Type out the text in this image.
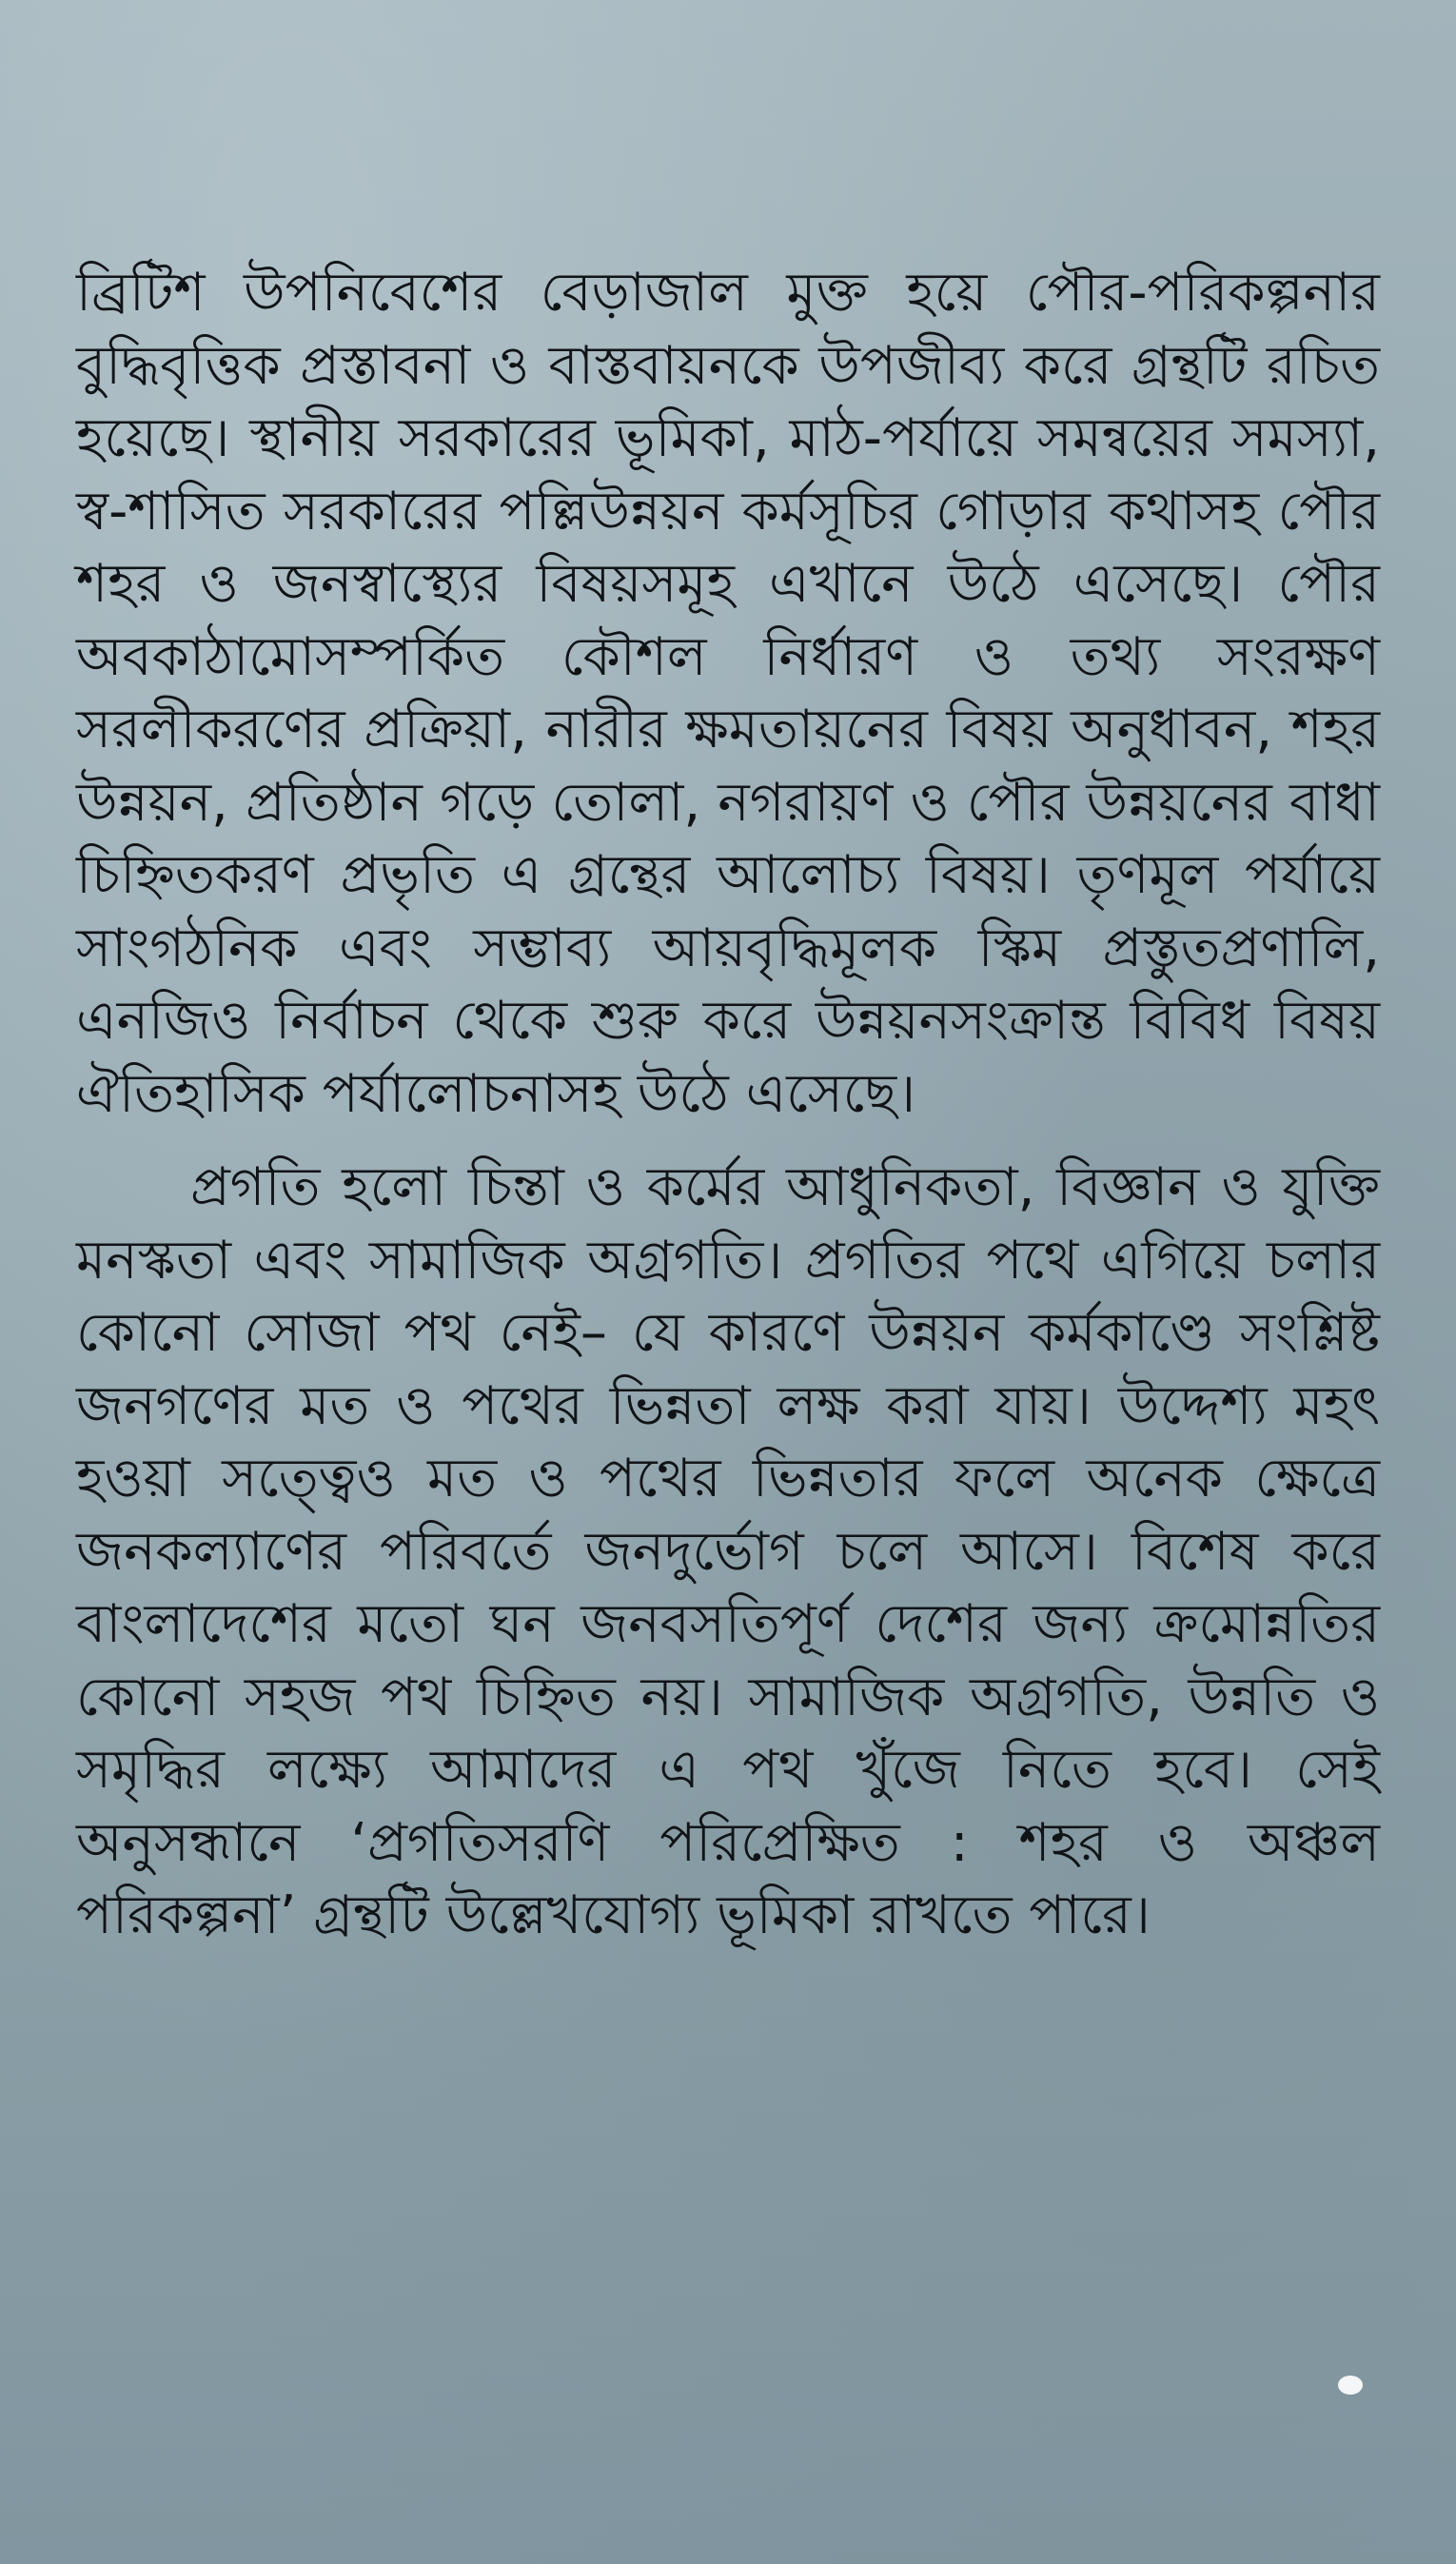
ব্রিটিশ উপনিবেশের বেড়াজাল মুক্ত হয়ে পৌর-পরিকল্পনার বুদ্ধিবৃত্তিক প্রস্তাবনা ও বাস্তবায়নকে উপজীব্য করে গ্রন্থটি রচিত হয়েছে। স্থানীয় সরকারের ভূমিকা, মাঠ-পর্যায়ে সমন্বয়ের সমস্যা, স্ব-শাসিত সরকারের পল্লিউন্নয়ন কর্মসূচির গোড়ার কথাসহ পৌর শহর ও জনস্বাস্থ্যের বিষয়সমূহ এখানে উঠে এসেছে। পৌর অবকাঠামোসম্পর্কিত কৌশল নির্ধারণ ও তথ্য সংরক্ষণ সরলীকরণের প্রক্রিয়া, নারীর ক্ষমতায়নের বিষয় অনুধাবন, শহর উন্নয়ন, প্রতিষ্ঠান গড়ে তোলা, নগরায়ণ ও পৌর উন্নয়নের বাধা চিহ্নিতকরণ প্রভৃতি এ গ্রন্থের আলোচ্য বিষয়। তৃণমূল পর্যায়ে সাংগঠনিক এবং সম্ভাব্য আয়বৃদ্ধিমূলক স্কিম প্রস্তুতপ্রণালি, এনজিও নির্বাচন থেকে শুরু করে উন্নয়নসংক্রান্ত বিবিধ বিষয় ঐতিহাসিক পর্যালোচনাসহ উঠে এসেছে।

প্রগতি হলো চিন্তা ও কর্মের আধুনিকতা, বিজ্ঞান ও যুক্তি মনস্কতা এবং সামাজিক অগ্রগতি। প্রগতির পথে এগিয়ে চলার কোনো সোজা পথ নেই– যে কারণে উন্নয়ন কর্মকাণ্ডে সংশ্লিষ্ট জনগণের মত ও পথের ভিন্নতা লক্ষ করা যায়। উদ্দেশ্য মহৎ হওয়া সত্ত্বেও মত ও পথের ভিন্নতার ফলে অনেক ক্ষেত্রে জনকল্যাণের পরিবর্তে জনদুর্ভোগ চলে আসে। বিশেষ করে বাংলাদেশের মতো ঘন জনবসতিপূর্ণ দেশের জন্য ক্রমোন্নতির কোনো সহজ পথ চিহ্নিত নয়। সামাজিক অগ্রগতি, উন্নতি ও সমৃদ্ধির লক্ষ্যে আমাদের এ পথ খুঁজে নিতে হবে। সেই অনুসন্ধানে ‘প্রগতিসরণি পরিপ্রেক্ষিত : শহর ও অঞ্চল পরিকল্পনা’ গ্রন্থটি উল্লেখযোগ্য ভূমিকা রাখতে পারে।
